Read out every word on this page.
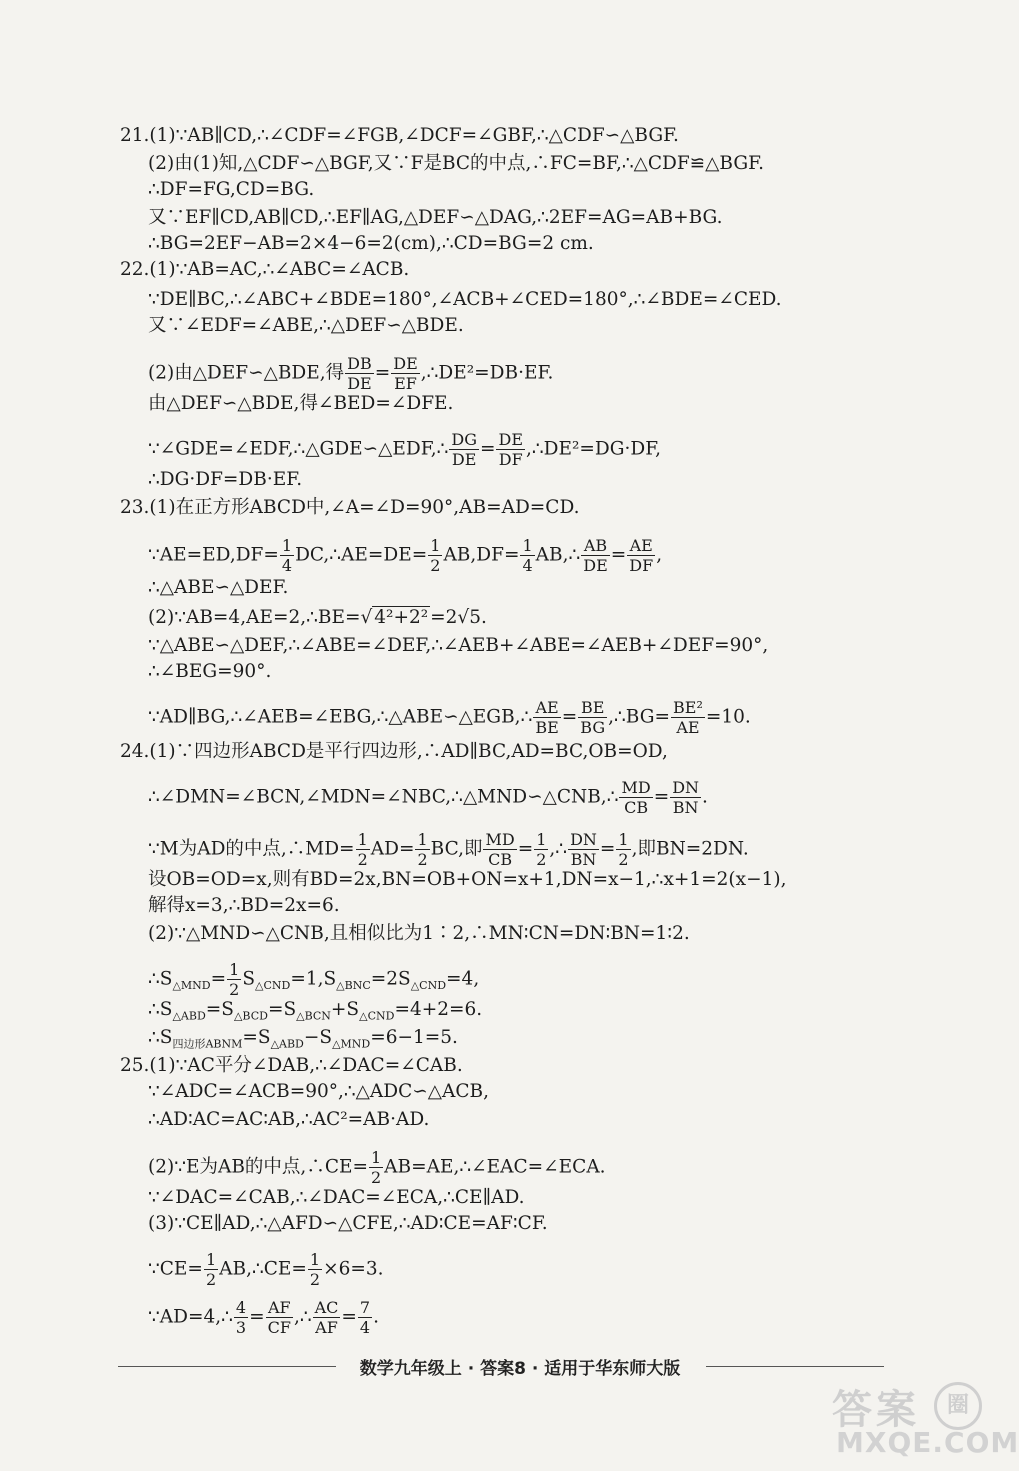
21.(1)∵AB∥CD,∴∠CDF=∠FGB,∠DCF=∠GBF,∴△CDF∽△BGF.
(2)由(1)知,△CDF∽△BGF,又∵F是BC的中点,∴FC=BF,∴△CDF≌△BGF.
∴DF=FG,CD=BG.
又∵EF∥CD,AB∥CD,∴EF∥AG,△DEF∽△DAG,∴2EF=AG=AB+BG.
∴BG=2EF−AB=2×4−6=2(cm),∴CD=BG=2 cm.
22.(1)∵AB=AC,∴∠ABC=∠ACB.
∵DE∥BC,∴∠ABC+∠BDE=180°,∠ACB+∠CED=180°,∴∠BDE=∠CED.
又∵∠EDF=∠ABE,∴△DEF∽△BDE.
(2)由△DEF∽△BDE,得 $\frac{DB}{DE} = \frac{DE}{EF}$ ,∴DE²=DB·EF.
由△DEF∽△BDE,得∠BED=∠DFE.
∵∠GDE=∠EDF,∴△GDE∽△EDF,∴ $\frac{DG}{DE} = \frac{DE}{DF}$ ,∴DE²=DG·DF,
∴DG·DF=DB·EF.
23.(1)在正方形ABCD中,∠A=∠D=90°,AB=AD=CD.
∵AE=ED,DF= $\frac{1}{4}$ DC,∴AE=DE= $\frac{1}{2} AB,DF= \frac{1}{4}$ AB,∴ $\frac{AB}{DE} = \frac{AE}{DF}$ ,
∴△ABE∽△DEF.
(2)∵AB=4,AE=2,∴BE=√ 4²+2² =2√5.
∵△ABE∽△DEF,∴∠ABE=∠DEF,∴∠AEB+∠ABE=∠AEB+∠DEF=90°,
∴∠BEG=90°.
∵AD∥BG,∴∠AEB=∠EBG,∴△ABE∽△EGB,∴ $\frac{AE}{BE} = \frac{BE}{BG}$ ,∴BG= $\frac{\text{BE²}}{AE} =10$.
24.(1)∵四边形ABCD是平行四边形,∴AD∥BC,AD=BC,OB=OD,
∴∠DMN=∠BCN,∠MDN=∠NBC,∴△MND∽△CNB,∴ $\frac{MD}{CB} = \frac{DN}{BN}$ .
∵M为AD的中点,∴MD= $\frac{1}{2} AD= \frac{1}{2}$ BC,即 $\frac{MD}{CB} = \frac{1}{2}$ ,∴ $\frac{DN}{BN} = \frac{1}{2}$ ,即BN=2DN.
设OB=OD=x,则有BD=2x,BN=OB+ON=x+1,DN=x−1,∴x+1=2(x−1),
解得x=3,∴BD=2x=6.
(2)∵△MND∽△CNB,且相似比为1∶2,∴MN∶CN=DN∶BN=1∶2.
$\therefore S_{\triangle MND}= \frac{1}{2} S_{\triangle CND}=1,S_{\triangle BNC}=2S_{\triangle CND}=4$,
$\therefore S_{\triangle ABD}=S_{\triangle BCD}=S_{\triangle BCN}+S_{\triangle CND}=4+2=6$.
$\therefore S_{四边形ABNM}=S_{\triangle ABD}-S_{\triangle MND}=6-1=5$.
25.(1)∵AC平分∠DAB,∴∠DAC=∠CAB.
∵∠ADC=∠ACB=90°,∴△ADC∽△ACB,
∴AD∶AC=AC∶AB,∴AC²=AB·AD.
(2)∵E为AB的中点,∴CE= $\frac{1}{2}$ AB=AE,∴∠EAC=∠ECA.
∵∠DAC=∠CAB,∴∠DAC=∠ECA,∴CE∥AD.
(3)∵CE∥AD,∴△AFD∽△CFE,∴AD∶CE=AF∶CF.
∵CE= $\frac{1}{2}$ AB,∴CE= $\frac{1}{2} \times 6=3$.
∵AD=4,∴ $\frac{4}{3} = \frac{AF}{CF}$ ,∴ $\frac{AC}{AF} = \frac{7}{4}$ .
数学九年级上 · 答案8 · 适用于华东师大版
答案	圈
MXQE.COM
